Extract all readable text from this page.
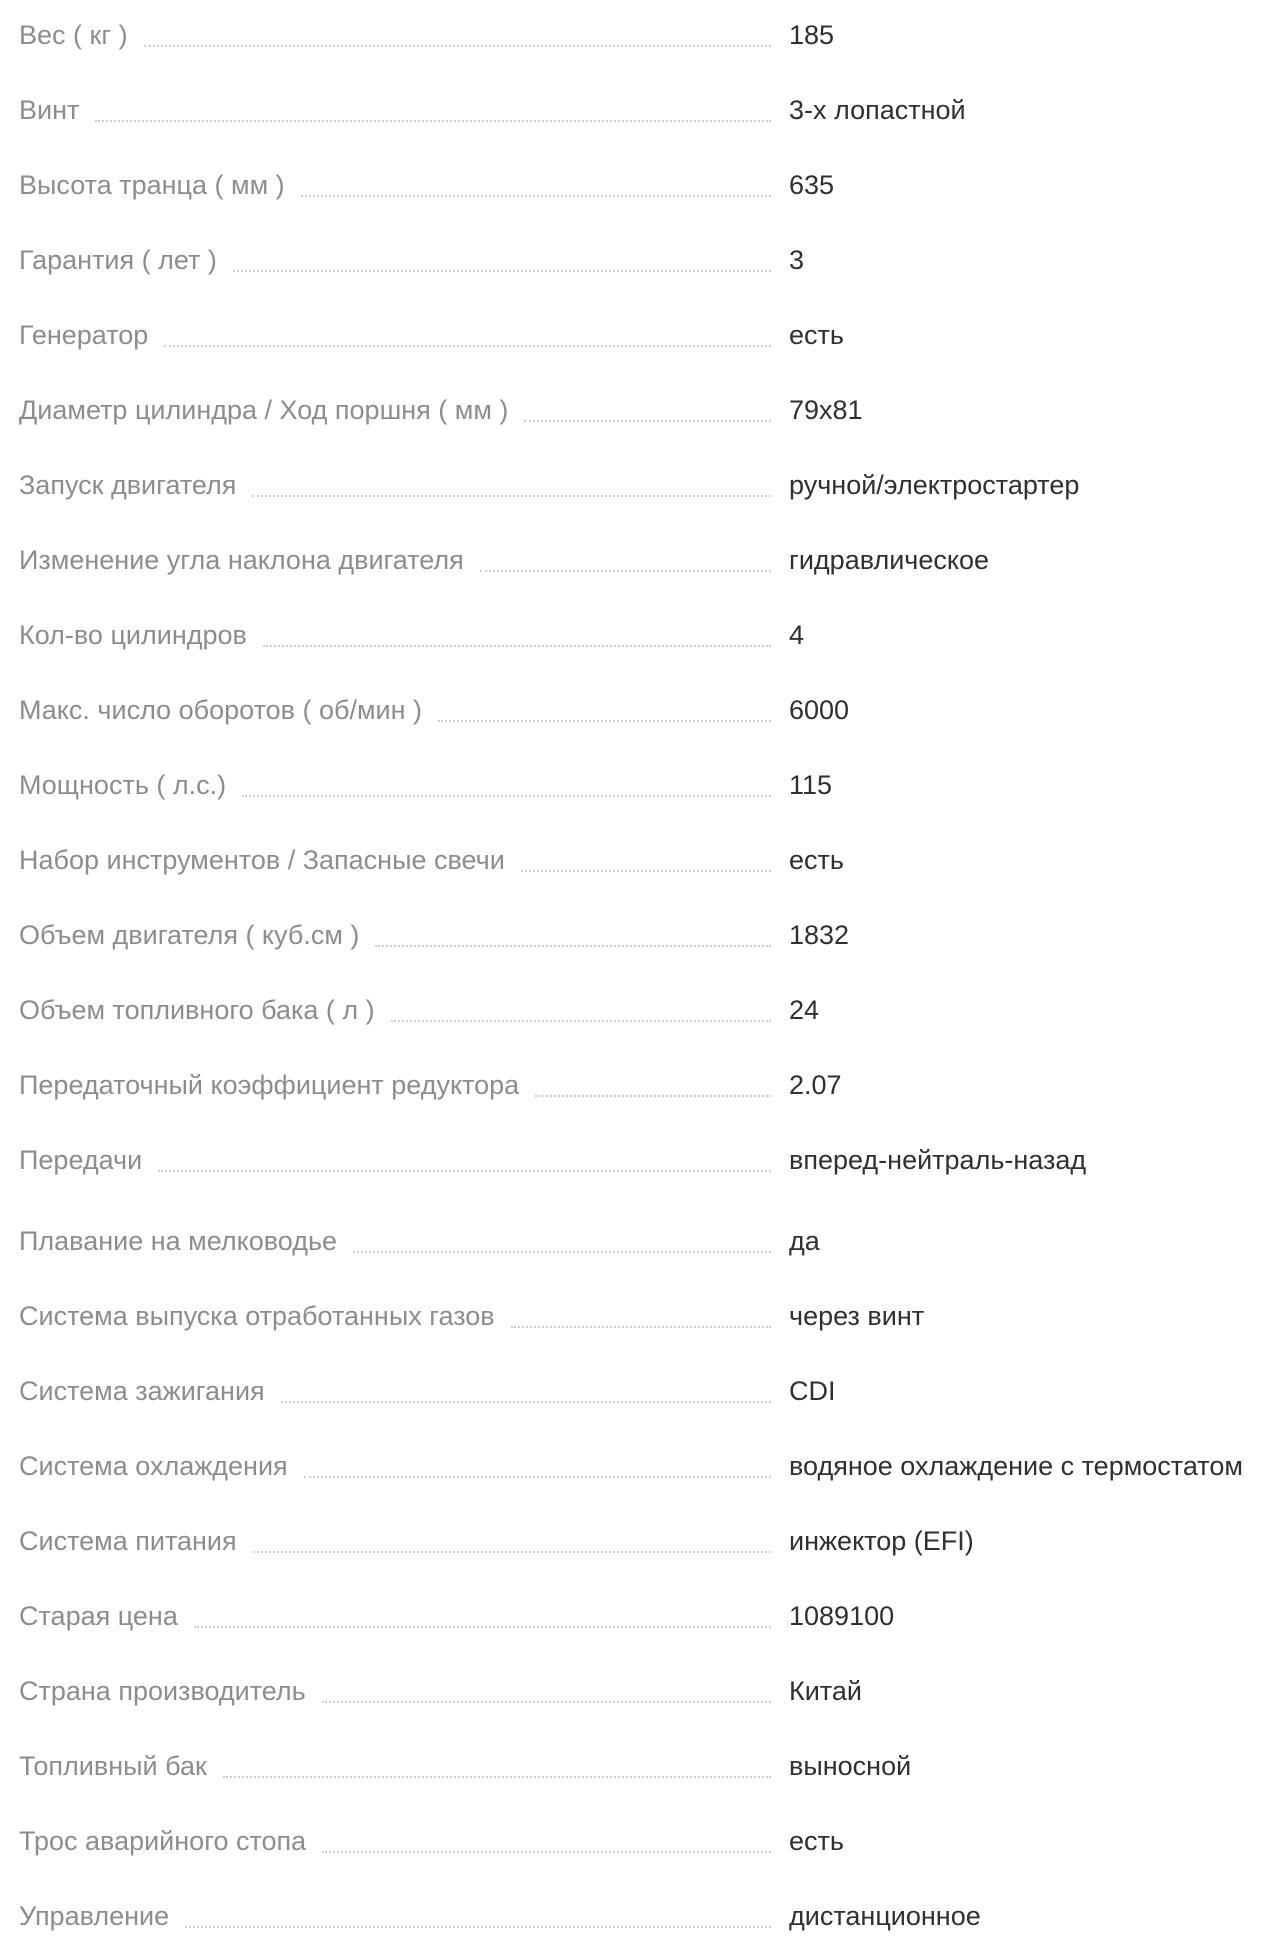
Вес ( кг )	185
Винт	3-х лопастной
Высота транца ( мм )	635
Гарантия ( лет )	3
Генератор	есть
Диаметр цилиндра / Ход поршня ( мм )	79x81
Запуск двигателя	ручной/электростартер
Изменение угла наклона двигателя	гидравлическое
Кол-во цилиндров	4
Макс. число оборотов ( об/мин )	6000
Мощность ( л.с.)	115
Набор инструментов / Запасные свечи	есть
Объем двигателя ( куб.см )	1832
Объем топливного бака ( л )	24
Передаточный коэффициент редуктора	2.07
Передачи	вперед-нейтраль-назад
Плавание на мелководье	да
Система выпуска отработанных газов	через винт
Система зажигания	CDI
Система охлаждения	водяное охлаждение с термостатом
Система питания	инжектор (EFI)
Старая цена	1089100
Страна производитель	Китай
Топливный бак	выносной
Трос аварийного стопа	есть
Управление	дистанционное
